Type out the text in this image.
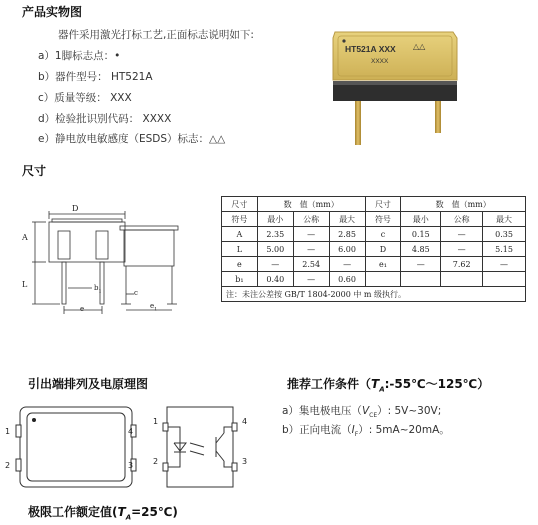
产品实物图
器件采用激光打标工艺,正面标志说明如下:
a）1脚标志点：•
b）器件型号： HT521A
c）质量等级： XXX
d）检验批识别代码： XXXX
e）静电放电敏感度（ESDS）标志：△△
HT521A XXX △△
XXXX
尺寸
D
A
L	$b_1$	c
e	$e_1$
尺寸	数　值（mm）			尺寸	数　值（mm）		
符号	最小	公称	最大	符号	最小	公称	最大
A	2.35	—	2.85	c	0.15	—	0.35
L	5.00	—	6.00	D	4.85	—	5.15
e	—	2.54	—	e₁	—	7.62	—
b₁	0.40	—	0.60				
注：未注公差按 GB/T 1804-2000 中 m 级执行。							
引出端排列及电原理图
1
2
4
3
1
2
4
3
推荐工作条件$(T_A:-55℃\sim 125℃)$
a）集电极电压$(V_{CE})$: 5V~30V;
b）正向电流$(I_F)$: 5mA~20mA。
极限工作额定值$(T_A=25℃)$
